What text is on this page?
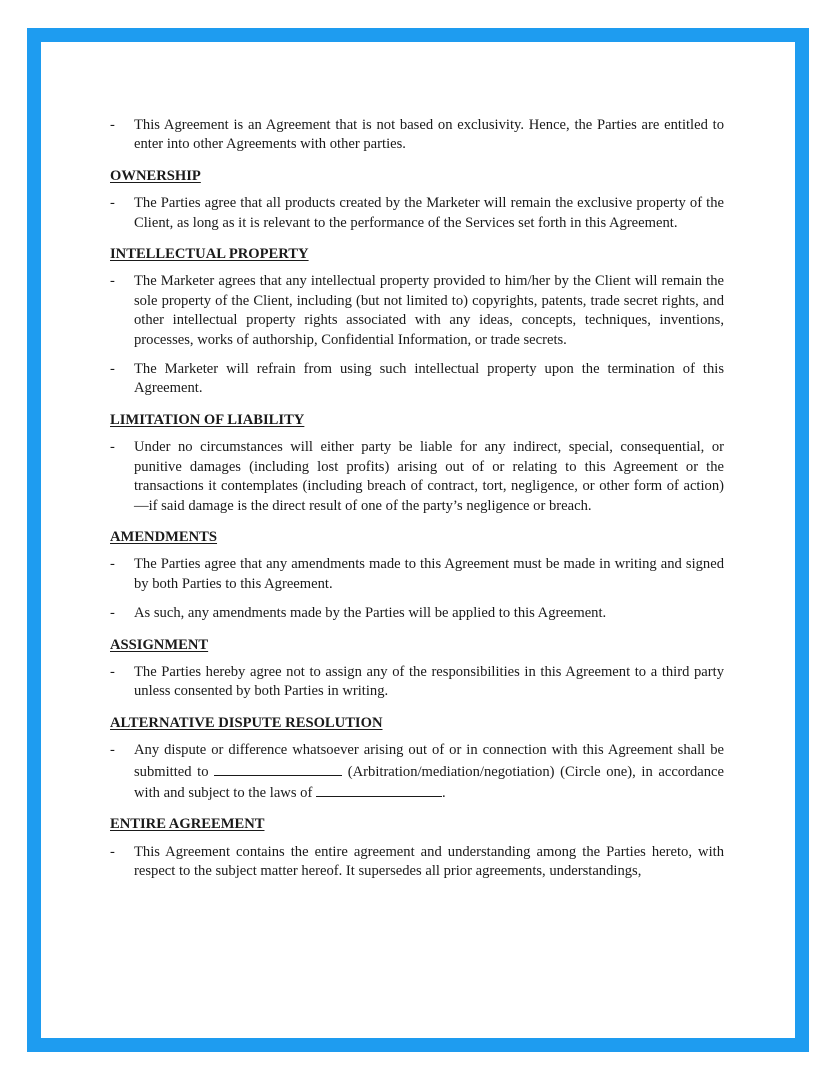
- This Agreement is an Agreement that is not based on exclusivity. Hence, the Parties are entitled to enter into other Agreements with other parties.
OWNERSHIP
- The Parties agree that all products created by the Marketer will remain the exclusive property of the Client, as long as it is relevant to the performance of the Services set forth in this Agreement.
INTELLECTUAL PROPERTY
- The Marketer agrees that any intellectual property provided to him/her by the Client will remain the sole property of the Client, including (but not limited to) copyrights, patents, trade secret rights, and other intellectual property rights associated with any ideas, concepts, techniques, inventions, processes, works of authorship, Confidential Information, or trade secrets.
- The Marketer will refrain from using such intellectual property upon the termination of this Agreement.
LIMITATION OF LIABILITY
- Under no circumstances will either party be liable for any indirect, special, consequential, or punitive damages (including lost profits) arising out of or relating to this Agreement or the transactions it contemplates (including breach of contract, tort, negligence, or other form of action)—if said damage is the direct result of one of the party’s negligence or breach.
AMENDMENTS
- The Parties agree that any amendments made to this Agreement must be made in writing and signed by both Parties to this Agreement.
- As such, any amendments made by the Parties will be applied to this Agreement.
ASSIGNMENT
- The Parties hereby agree not to assign any of the responsibilities in this Agreement to a third party unless consented by both Parties in writing.
ALTERNATIVE DISPUTE RESOLUTION
- Any dispute or difference whatsoever arising out of or in connection with this Agreement shall be submitted to	(Arbitration/mediation/negotiation) (Circle one), in accordance with and subject to the laws of	.
ENTIRE AGREEMENT
- This Agreement contains the entire agreement and understanding among the Parties hereto, with respect to the subject matter hereof. It supersedes all prior agreements, understandings,
